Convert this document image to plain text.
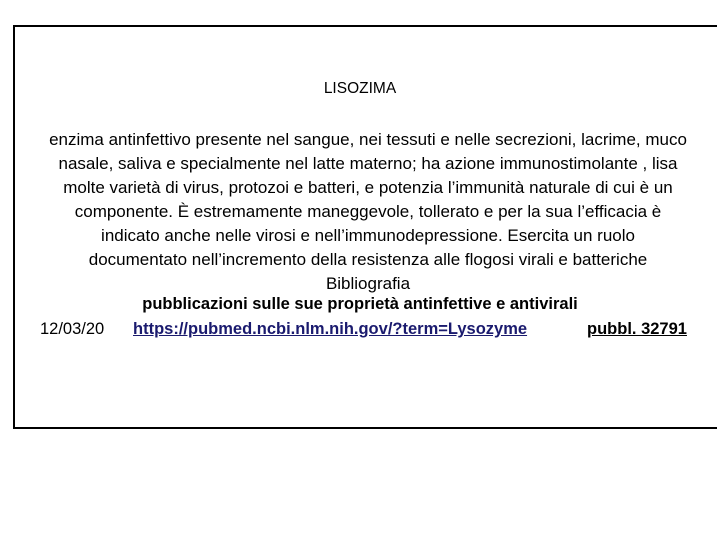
LISOZIMA

enzima antinfettivo presente nel sangue, nei tessuti e nelle secrezioni, lacrime, muco

nasale, saliva e specialmente nel latte materno; ha azione immunostimolante , lisa

molte varietà di virus, protozoi e batteri, e potenzia l’immunità naturale di cui è un

componente. È estremamente maneggevole, tollerato e per la sua l’efficacia è

indicato anche nelle virosi e nell’immunodepressione. Esercita un ruolo

documentato nell’incremento della resistenza alle flogosi virali e batteriche

Bibliografia

pubblicazioni sulle sue proprietà antinfettive e antivirali
12/03/20 https://pubmed.ncbi.nlm.nih.gov/?term=Lysozyme	pubbl. 32791
